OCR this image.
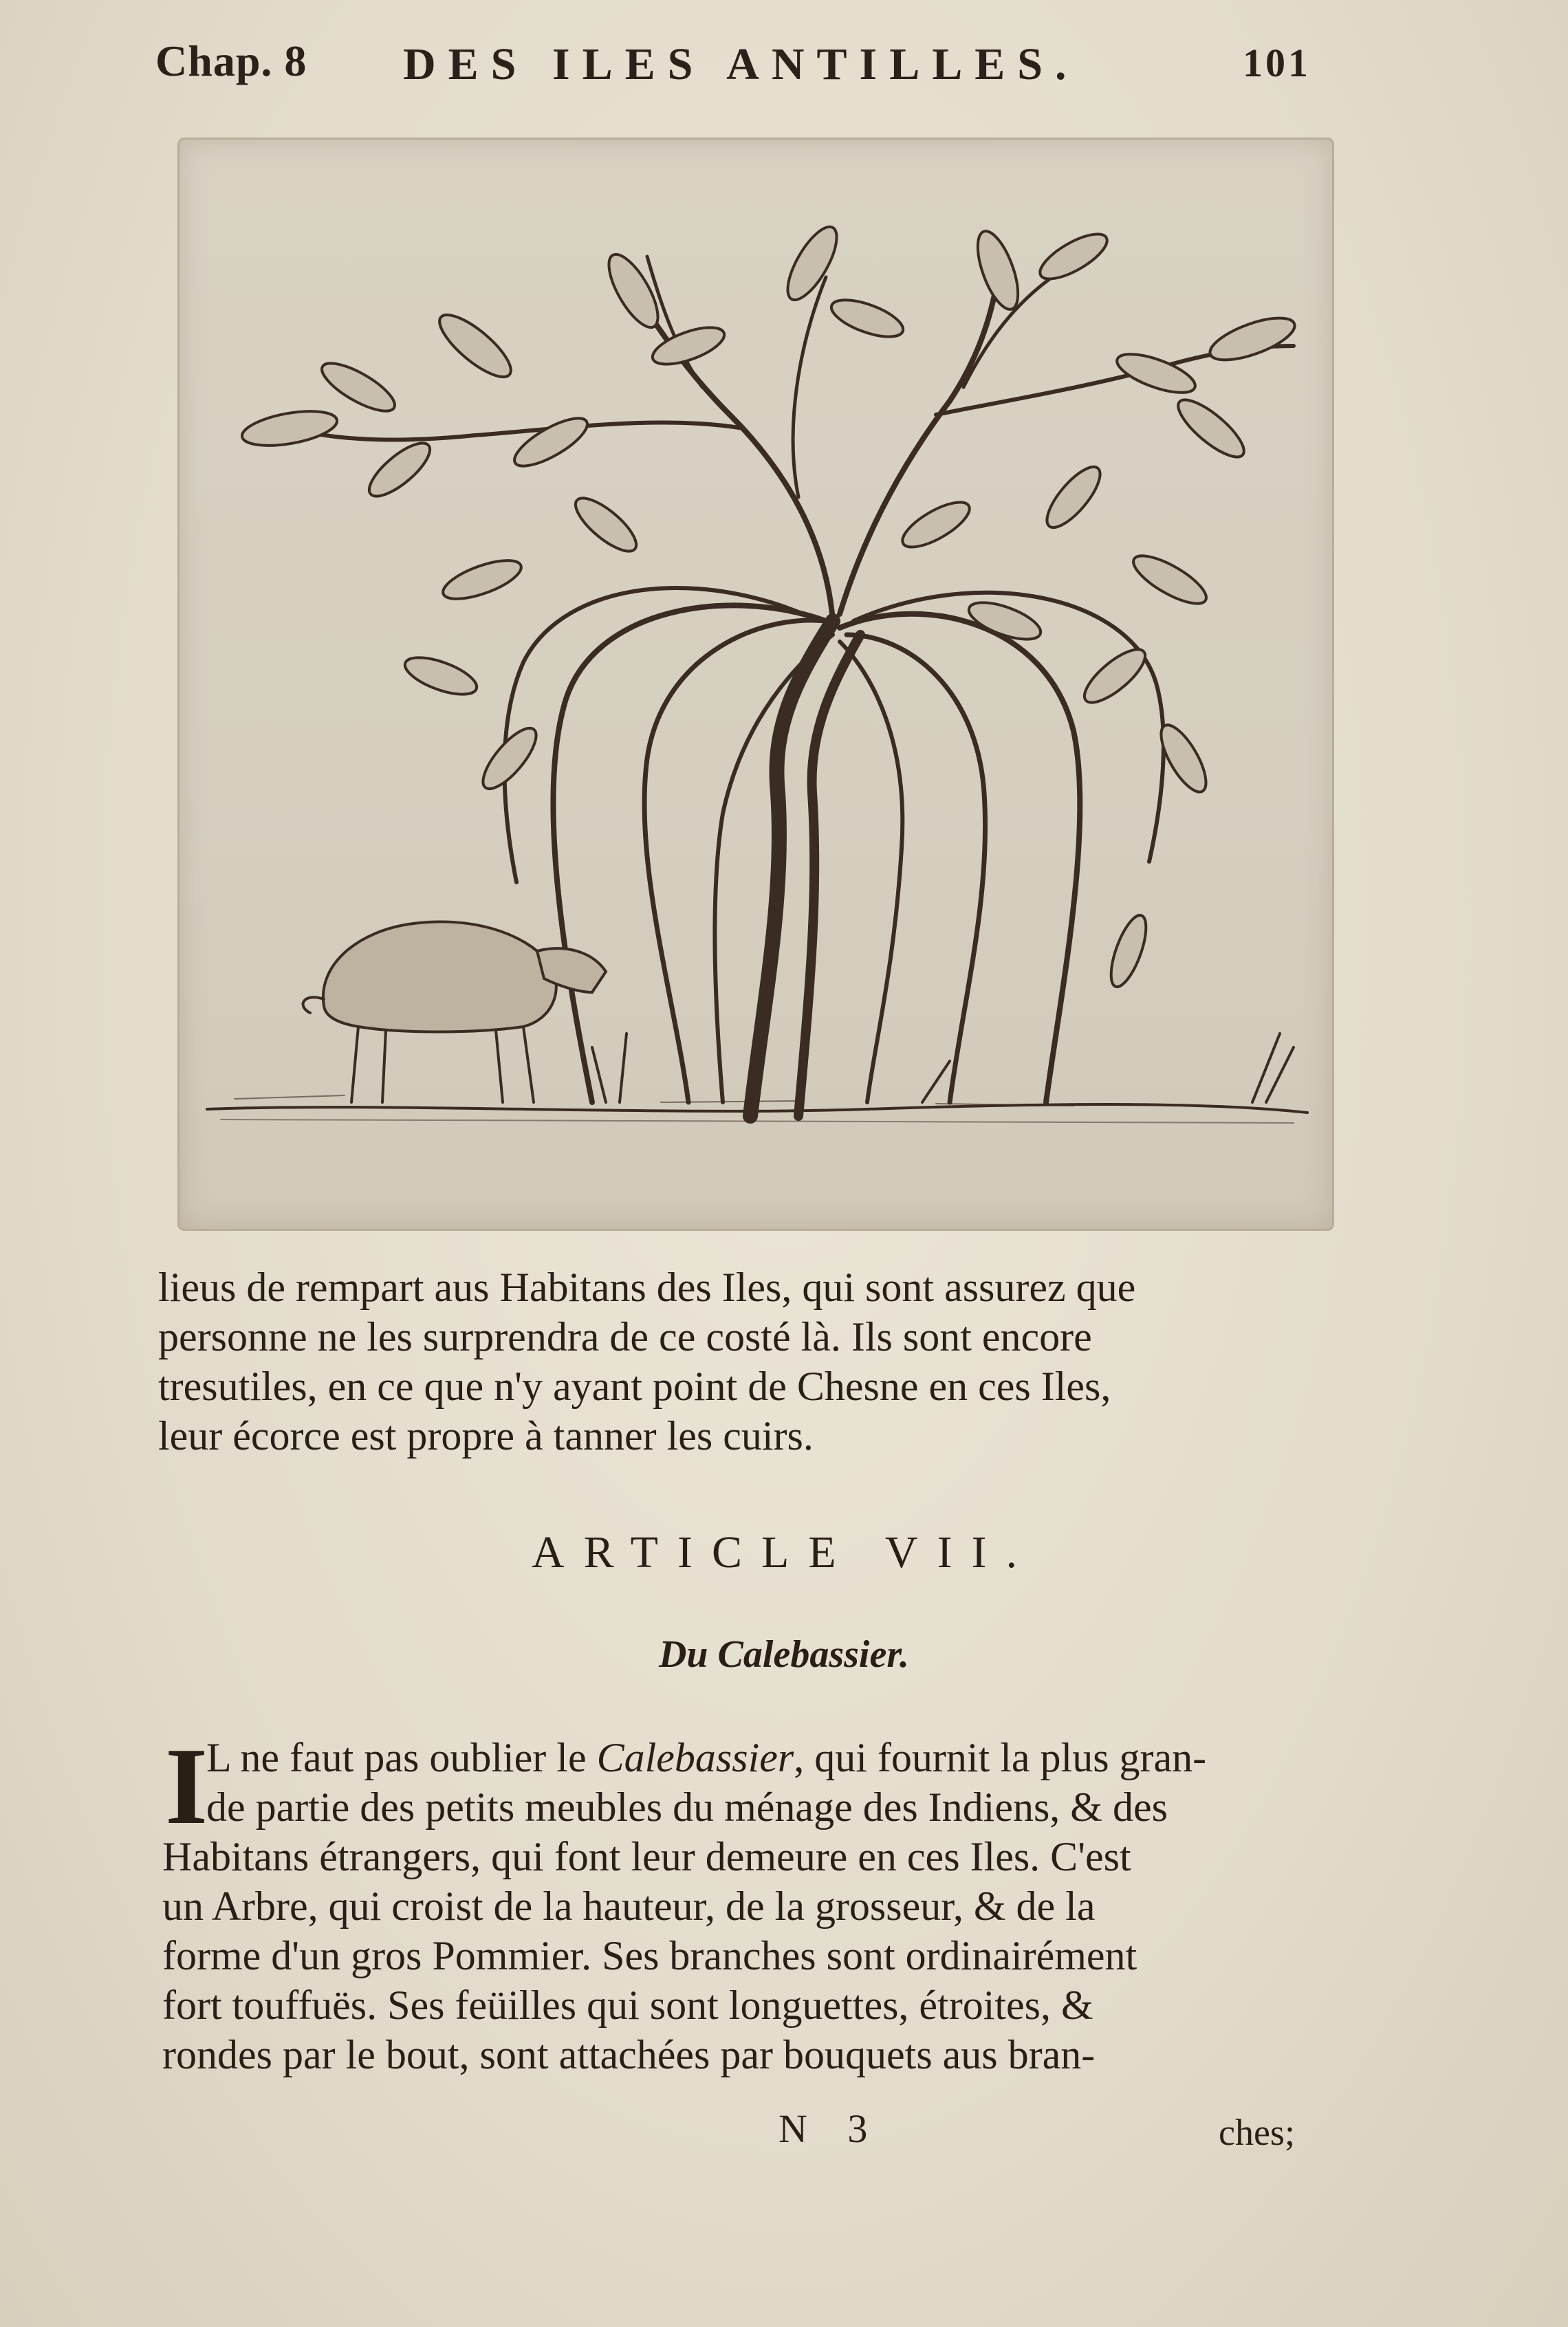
Chap. 8 DES ILES ANTILLES.	101
lieus de rempart aus Habitans des Iles, qui sont assurez que
personne ne les surprendra de ce costé là. Ils sont encore
tresutiles, en ce que n'y ayant point de Chesne en ces Iles,
leur écorce est propre à tanner les cuirs.
ARTICLE VII.
Du Calebassier.
I
L ne faut pas oublier le Calebassier, qui fournit la plus gran-
de partie des petits meubles du ménage des Indiens, & des
Habitans étrangers, qui font leur demeure en ces Iles. C'est
un Arbre, qui croist de la hauteur, de la grosseur, & de la
forme d'un gros Pommier. Ses branches sont ordinairément
fort touffuës. Ses feüilles qui sont longuettes, étroites, &
rondes par le bout, sont attachées par bouquets aus bran-
N 3	ches;
